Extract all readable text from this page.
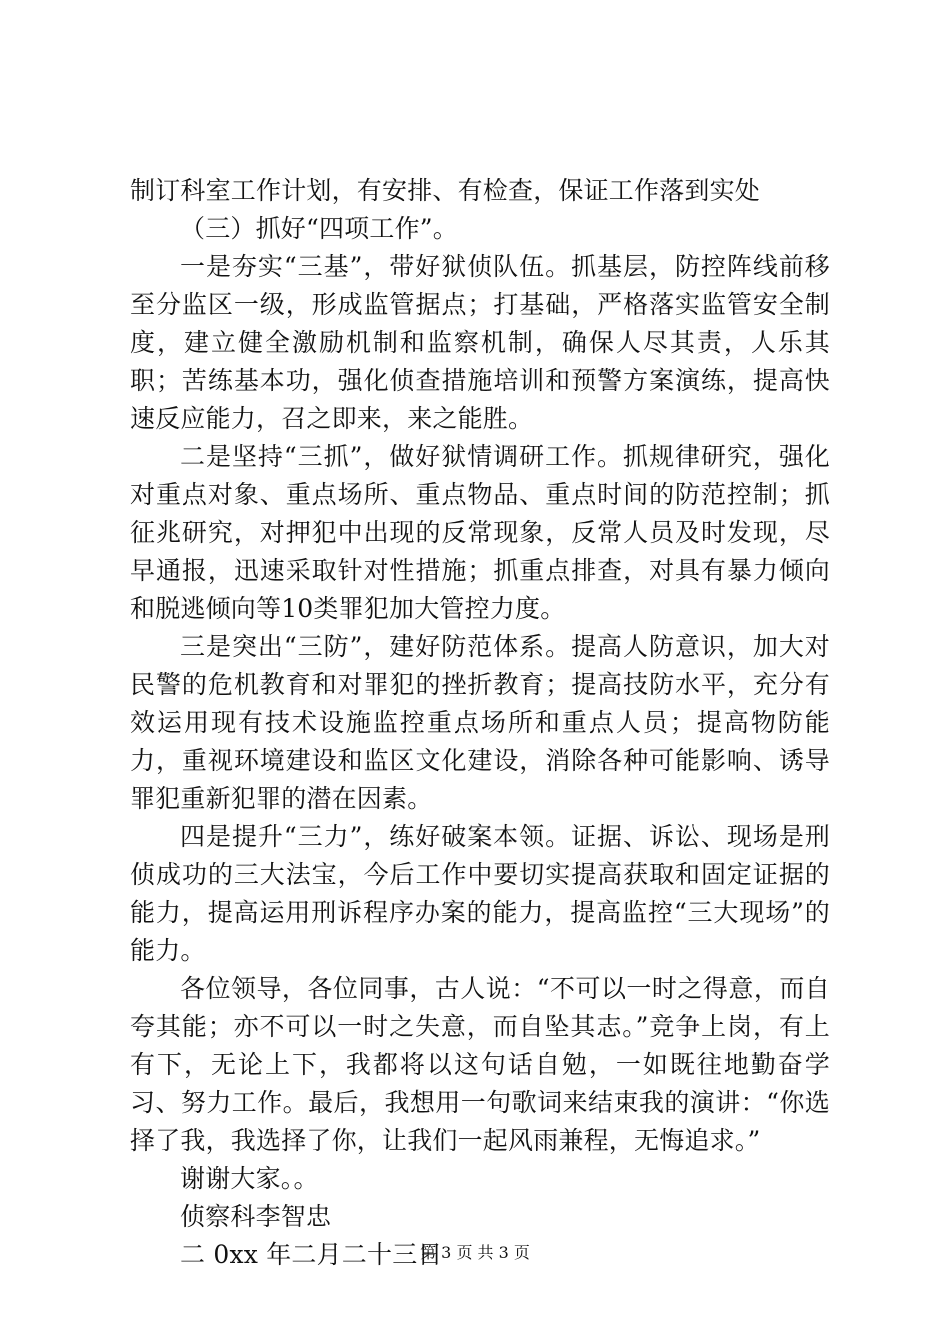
制订科室工作计划，有安排、有检查，保证工作落到实处

（三）抓好“四项工作”。

一是夯实“三基”，带好狱侦队伍。抓基层，防控阵线前移至分监区一级，形成监管据点；打基础，严格落实监管安全制度，建立健全激励机制和监察机制，确保人尽其责，人乐其职；苦练基本功，强化侦查措施培训和预警方案演练，提高快速反应能力，召之即来，来之能胜。

二是坚持“三抓”，做好狱情调研工作。抓规律研究，强化对重点对象、重点场所、重点物品、重点时间的防范控制；抓征兆研究，对押犯中出现的反常现象，反常人员及时发现，尽早通报，迅速采取针对性措施；抓重点排查，对具有暴力倾向和脱逃倾向等10类罪犯加大管控力度。

三是突出“三防”，建好防范体系。提高人防意识，加大对民警的危机教育和对罪犯的挫折教育；提高技防水平，充分有效运用现有技术设施监控重点场所和重点人员；提高物防能力，重视环境建设和监区文化建设，消除各种可能影响、诱导罪犯重新犯罪的潜在因素。

四是提升“三力”，练好破案本领。证据、诉讼、现场是刑侦成功的三大法宝，今后工作中要切实提高获取和固定证据的能力，提高运用刑诉程序办案的能力，提高监控“三大现场”的能力。

各位领导，各位同事，古人说：“不可以一时之得意，而自夸其能；亦不可以一时之失意，而自坠其志。”竞争上岗，有上有下，无论上下，我都将以这句话自勉，一如既往地勤奋学习、努力工作。最后，我想用一句歌词来结束我的演讲：“你选择了我，我选择了你，让我们一起风雨兼程，无悔追求。”

谢谢大家。。

侦察科李智忠

二 0xx 年二月二十三日

第 3 页 共 3 页
